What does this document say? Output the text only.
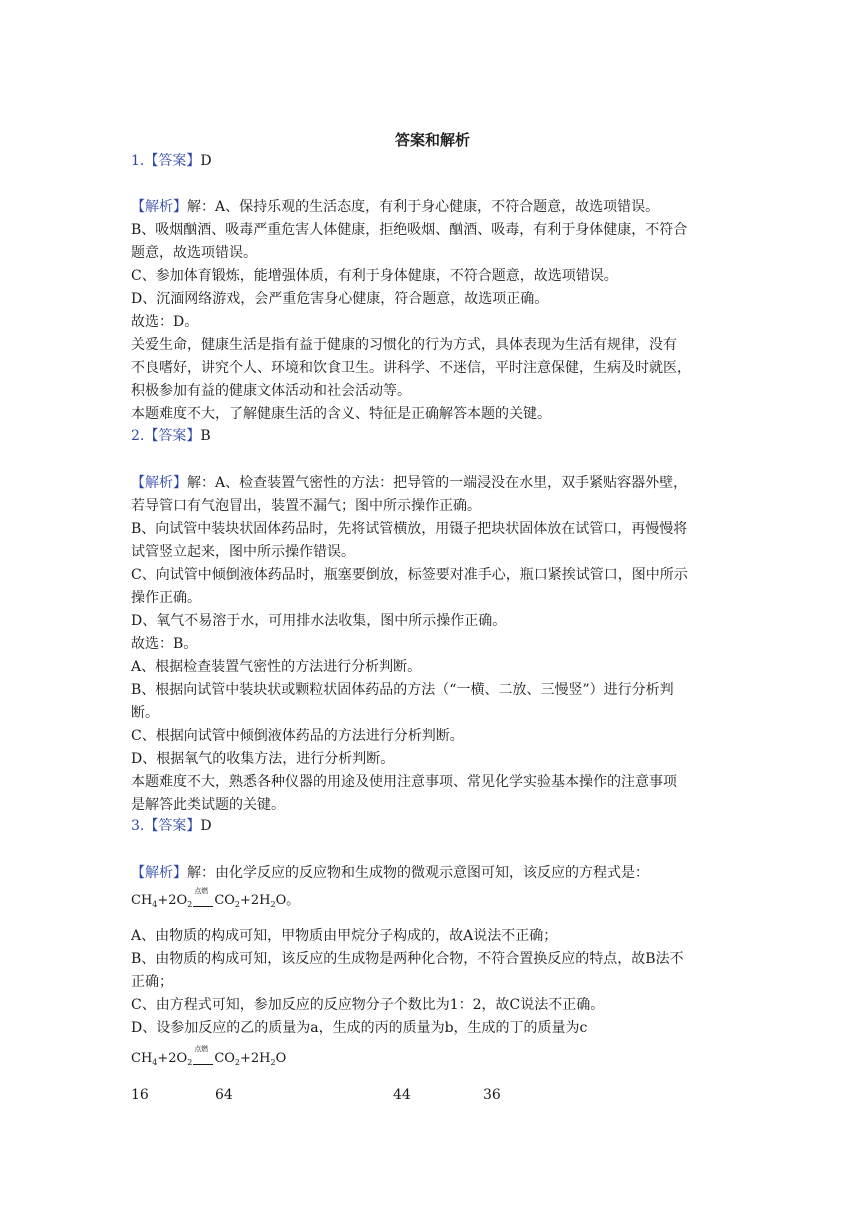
答案和解析
1.【答案】D
【解析】解：A、保持乐观的生活态度，有利于身心健康，不符合题意，故选项错误。
B、吸烟酗酒、吸毒严重危害人体健康，拒绝吸烟、酗酒、吸毒，有利于身体健康，不符合
题意，故选项错误。
C、参加体育锻炼，能增强体质，有利于身体健康，不符合题意，故选项错误。
D、沉湎网络游戏，会严重危害身心健康，符合题意，故选项正确。
故选：D。
关爱生命，健康生活是指有益于健康的习惯化的行为方式，具体表现为生活有规律，没有
不良嗜好，讲究个人、环境和饮食卫生。讲科学、不迷信，平时注意保健，生病及时就医，
积极参加有益的健康文体活动和社会活动等。
本题难度不大，了解健康生活的含义、特征是正确解答本题的关键。
2.【答案】B
【解析】解：A、检查装置气密性的方法：把导管的一端浸没在水里，双手紧贴容器外壁，
若导管口有气泡冒出，装置不漏气；图中所示操作正确。
B、向试管中装块状固体药品时，先将试管横放，用镊子把块状固体放在试管口，再慢慢将
试管竖立起来，图中所示操作错误。
C、向试管中倾倒液体药品时，瓶塞要倒放，标签要对准手心，瓶口紧挨试管口，图中所示
操作正确。
D、氧气不易溶于水，可用排水法收集，图中所示操作正确。
故选：B。
A、根据检查装置气密性的方法进行分析判断。
B、根据向试管中装块状或颗粒状固体药品的方法（“一横、二放、三慢竖”）进行分析判
断。
C、根据向试管中倾倒液体药品的方法进行分析判断。
D、根据氧气的收集方法，进行分析判断。
本题难度不大，熟悉各种仪器的用途及使用注意事项、常见化学实验基本操作的注意事项
是解答此类试题的关键。
3.【答案】D
【解析】解：由化学反应的反应物和生成物的微观示意图可知，该反应的方程式是：
$CH_4+2O_2$
点燃
$CO_2+2H_2O$。
A、由物质的构成可知，甲物质由甲烷分子构成的，故A说法不正确；
B、由物质的构成可知，该反应的生成物是两种化合物，不符合置换反应的特点，故B法不
正确；
C、由方程式可知，参加反应的反应物分子个数比为1：2，故C说法不正确。
D、设参加反应的乙的质量为a，生成的丙的质量为b，生成的丁的质量为c
$CH_4+2O_2$
点燃
$CO_2+2H_2O$
16	64	44	36
